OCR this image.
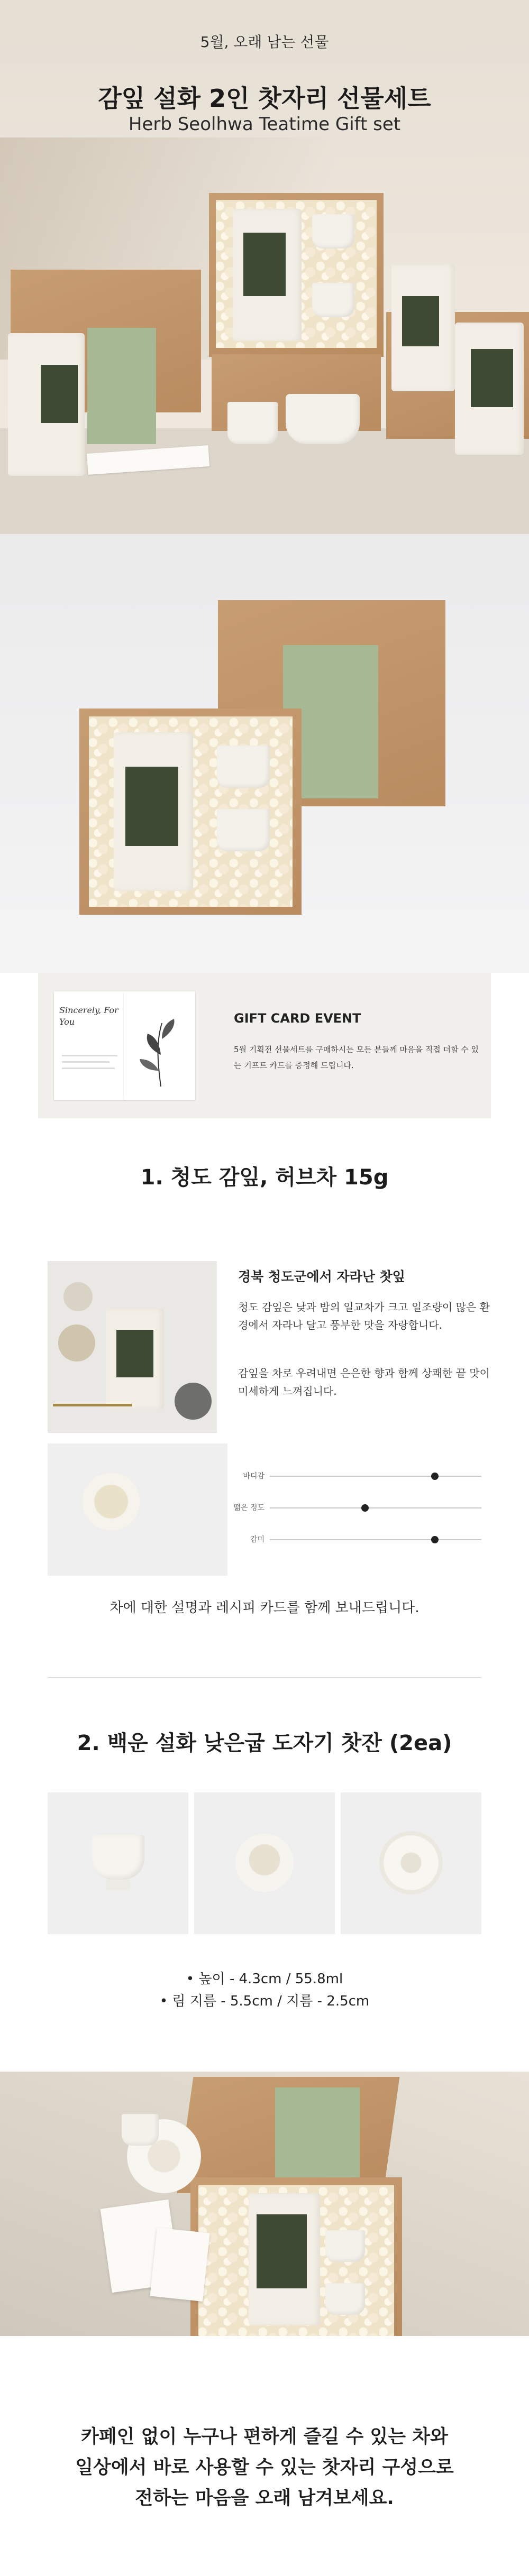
5월, 오래 남는 선물
감잎 설화 2인 찻자리 선물세트
Herb Seolhwa Teatime Gift set
Sincerely, For You	GIFT CARD EVENT
5월 기획전 선물세트를 구매하시는 모든 분들께 마음을 직접 더할 수 있는 기프트 카드를 증정해 드립니다.
1. 청도 감잎, 허브차 15g
경북 청도군에서 자라난 찻잎
청도 감잎은 낮과 밤의 일교차가 크고 일조량이 많은 환경에서 자라나 달고 풍부한 맛을 자랑합니다.
감잎을 차로 우려내면 은은한 향과 함께 상쾌한 끝 맛이 미세하게 느껴집니다.
바디감
떫은 정도
감미
차에 대한 설명과 레시피 카드를 함께 보내드립니다.
2. 백운 설화 낮은굽 도자기 찻잔 (2ea)
• 높이 - 4.3cm / 55.8ml
• 림 지름 - 5.5cm / 지름 - 2.5cm
카페인 없이 누구나 편하게 즐길 수 있는 차와
일상에서 바로 사용할 수 있는 찻자리 구성으로
전하는 마음을 오래 남겨보세요.
